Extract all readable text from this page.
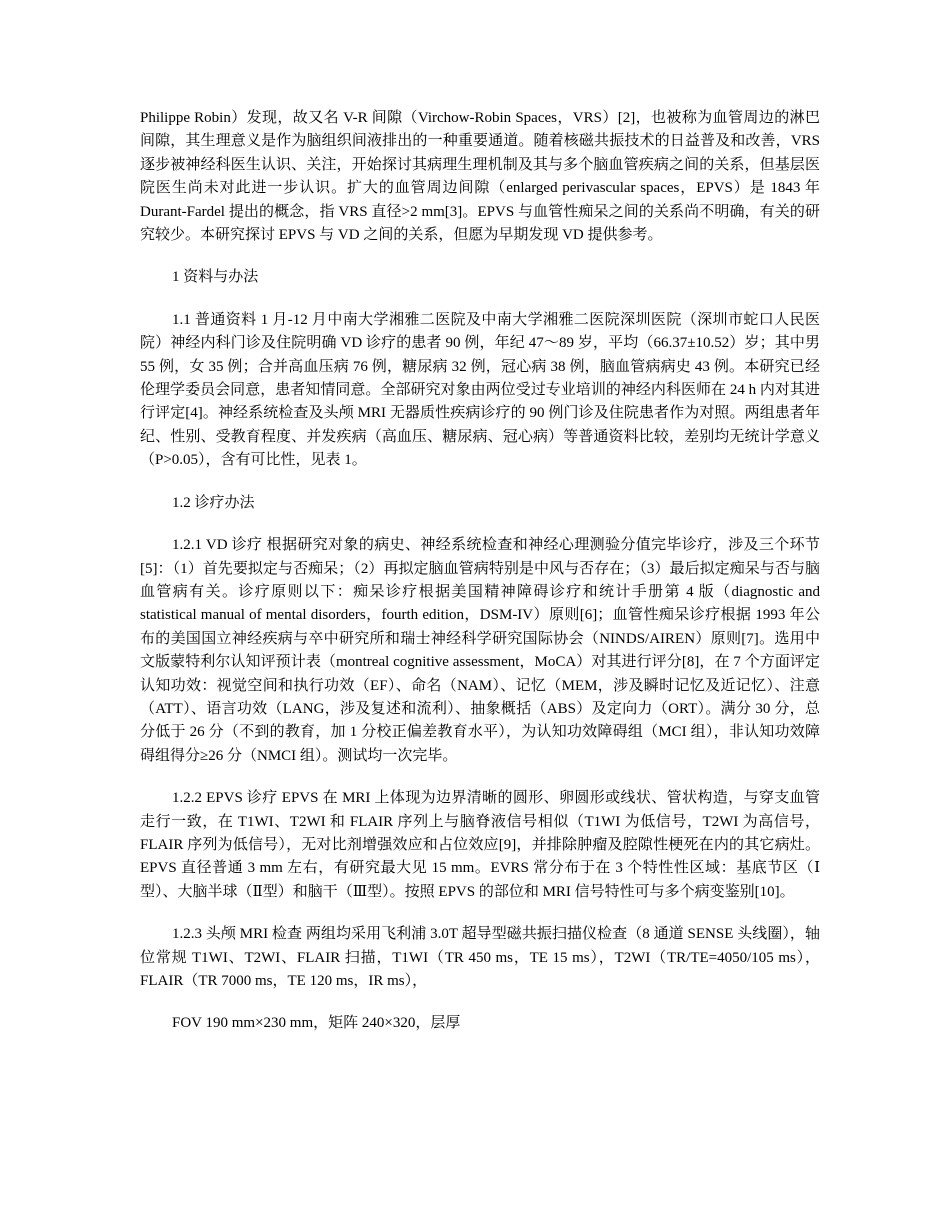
Philippe Robin）发现，故又名 V-R 间隙（Virchow-Robin Spaces，VRS）[2]，也被称为血管周边的淋巴间隙，其生理意义是作为脑组织间液排出的一种重要通道。随着核磁共振技术的日益普及和改善，VRS 逐步被神经科医生认识、关注，开始探讨其病理生理机制及其与多个脑血管疾病之间的关系，但基层医院医生尚未对此进一步认识。扩大的血管周边间隙（enlarged perivascular spaces，EPVS）是 1843 年 Durant-Fardel 提出的概念，指 VRS 直径>2 mm[3]。EPVS 与血管性痴呆之间的关系尚不明确，有关的研究较少。本研究探讨 EPVS 与 VD 之间的关系，但愿为早期发现 VD 提供参考。

1 资料与办法

1.1 普通资料 1 月-12 月中南大学湘雅二医院及中南大学湘雅二医院深圳医院（深圳市蛇口人民医院）神经内科门诊及住院明确 VD 诊疗的患者 90 例，年纪 47～89 岁，平均（66.37±10.52）岁；其中男 55 例，女 35 例；合并高血压病 76 例，糖尿病 32 例，冠心病 38 例，脑血管病病史 43 例。本研究已经伦理学委员会同意，患者知情同意。全部研究对象由两位受过专业培训的神经内科医师在 24 h 内对其进行评定[4]。神经系统检查及头颅 MRI 无器质性疾病诊疗的 90 例门诊及住院患者作为对照。两组患者年纪、性别、受教育程度、并发疾病（高血压、糖尿病、冠心病）等普通资料比较，差别均无统计学意义（P>0.05），含有可比性，见表 1。

1.2 诊疗办法

1.2.1 VD 诊疗 根据研究对象的病史、神经系统检查和神经心理测验分值完毕诊疗，涉及三个环节[5]：（1）首先要拟定与否痴呆；（2）再拟定脑血管病特别是中风与否存在；（3）最后拟定痴呆与否与脑血管病有关。诊疗原则以下：痴呆诊疗根据美国精神障碍诊疗和统计手册第 4 版（diagnostic and statistical manual of mental disorders，fourth edition，DSM-IV）原则[6]；血管性痴呆诊疗根据 1993 年公布的美国国立神经疾病与卒中研究所和瑞士神经科学研究国际协会（NINDS/AIREN）原则[7]。选用中文版蒙特利尔认知评预计表（montreal cognitive assessment，MoCA）对其进行评分[8]，在 7 个方面评定认知功效：视觉空间和执行功效（EF）、命名（NAM）、记忆（MEM，涉及瞬时记忆及近记忆）、注意（ATT）、语言功效（LANG，涉及复述和流利）、抽象概括（ABS）及定向力（ORT）。满分 30 分，总分低于 26 分（不到的教育，加 1 分校正偏差教育水平），为认知功效障碍组（MCI 组），非认知功效障碍组得分≥26 分（NMCI 组）。测试均一次完毕。

1.2.2 EPVS 诊疗 EPVS 在 MRI 上体现为边界清晰的圆形、卵圆形或线状、管状构造，与穿支血管走行一致，在 T1WI、T2WI 和 FLAIR 序列上与脑脊液信号相似（T1WI 为低信号，T2WI 为高信号，FLAIR 序列为低信号），无对比剂增强效应和占位效应[9]，并排除肿瘤及腔隙性梗死在内的其它病灶。EPVS 直径普通 3 mm 左右，有研究最大见 15 mm。EVRS 常分布于在 3 个特性性区域：基底节区（Ⅰ型）、大脑半球（Ⅱ型）和脑干（Ⅲ型）。按照 EPVS 的部位和 MRI 信号特性可与多个病变鉴别[10]。

1.2.3 头颅 MRI 检查 两组均采用飞利浦 3.0T 超导型磁共振扫描仪检查（8 通道 SENSE 头线圈），轴位常规 T1WI、T2WI、FLAIR 扫描，T1WI（TR 450 ms，TE 15 ms），T2WI（TR/TE=4050/105 ms），FLAIR（TR 7000 ms，TE 120 ms，IR ms），

FOV 190 mm×230 mm，矩阵 240×320，层厚
